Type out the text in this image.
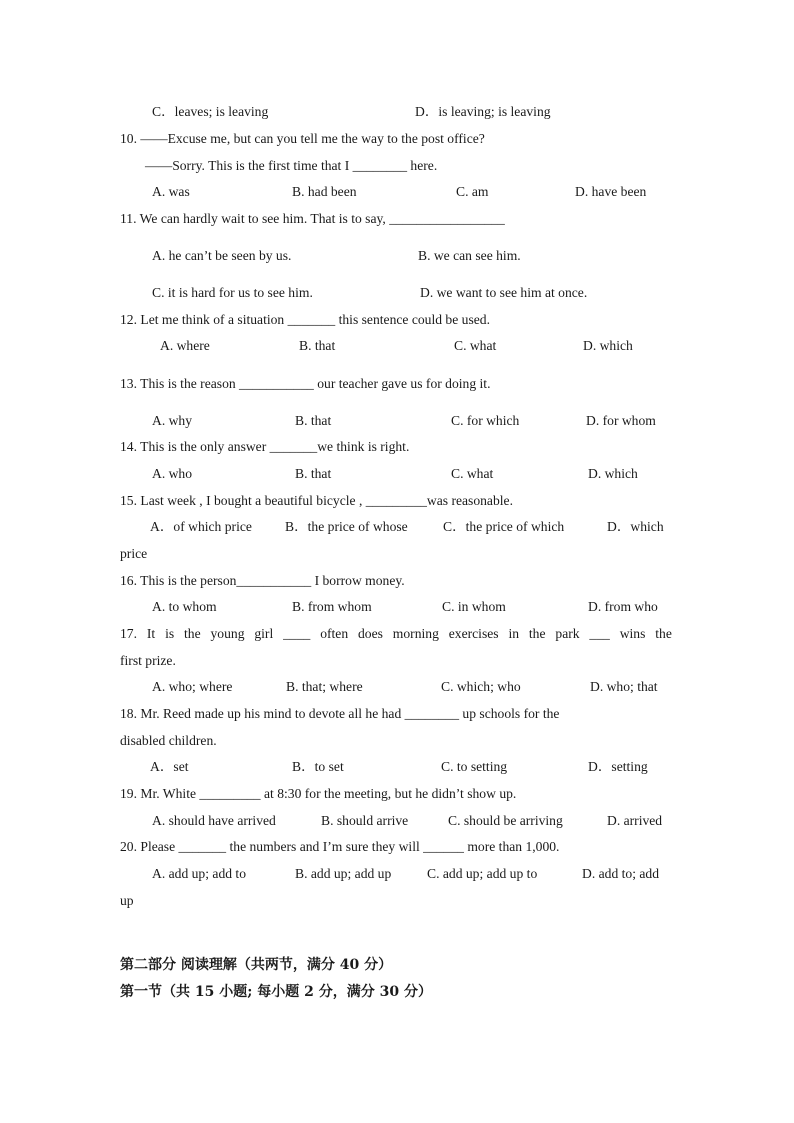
C．leaves; is leaving	D．is leaving; is leaving
10. ——Excuse me, but can you tell me the way to the post office?
——Sorry. This is the first time that I ________ here.
A. was	B. had been	C. am	D. have been
11. We can hardly wait to see him. That is to say, _________________
A. he can’t be seen by us.	B. we can see him.
C. it is hard for us to see him.	D. we want to see him at once.
12. Let me think of a situation _______ this sentence could be used.
A. where	B. that	C. what	D. which
13. This is the reason ___________ our teacher gave us for doing it.
A. why	B. that	C. for which	D. for whom
14. This is the only answer _______we think is right.
A. who	B. that	C. what	D. which
15. Last week , I bought a beautiful bicycle , _________was reasonable.
A．of which price B．the price of whose	C．the price of which	D．which
price
16. This is the person___________ I borrow money.
A. to whom	B. from whom	C. in whom	D. from who
17. It is the young girl ____ often does morning exercises in the park ___ wins the
first prize.
A. who; where	B. that; where	C. which; who	D. who; that
18. Mr. Reed made up his mind to devote all he had ________ up schools for the
disabled children.
A．set	B．to set	C. to setting	D．setting
19. Mr. White _________ at 8:30 for the meeting, but he didn’t show up.
A. should have arrived	B. should arrive	C. should be arriving	D. arrived
20. Please _______ the numbers and I’m sure they will ______ more than 1,000.
A. add up; add to	B. add up; add up	C. add up; add up to	D. add to; add
up
第二部分 阅读理解（共两节，满分 40 分）
第一节（共 15 小题; 每小题 2 分，满分 30 分）
